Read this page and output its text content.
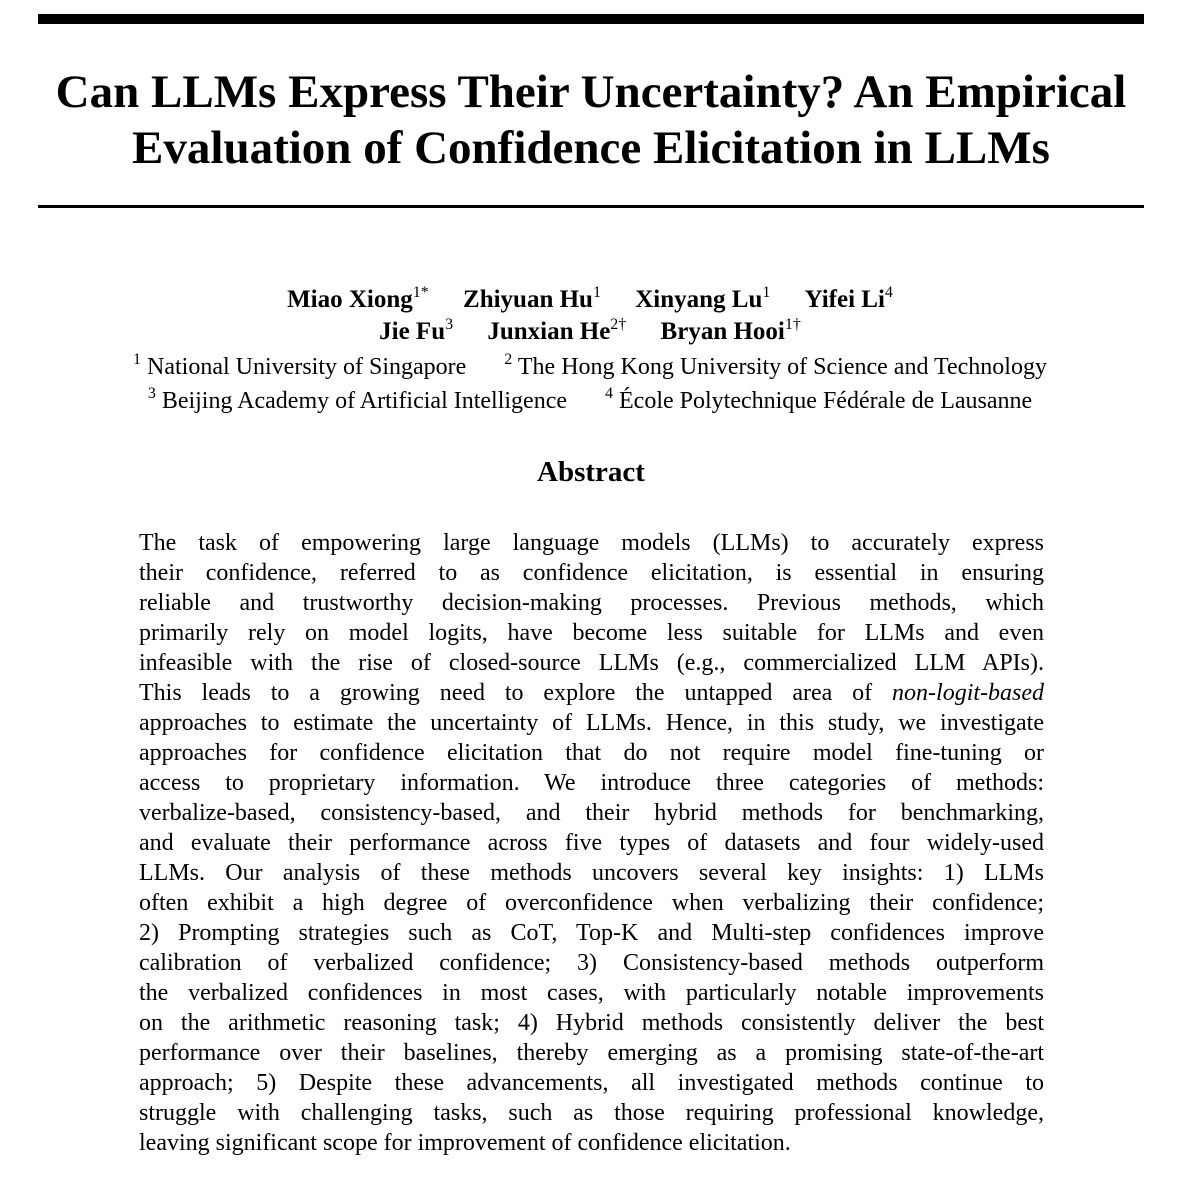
Can LLMs Express Their Uncertainty? An Empirical
Evaluation of Confidence Elicitation in LLMs
Miao Xiong$^{1*}$ Zhiyuan Hu$^1$ Xinyang Lu$^1$ Yifei Li$^4$
Jie Fu$^3$ Junxian $He^{2\dagger}$ Bryan Hooi$^{1\dagger}$
$^1$ National University of Singapore $^2$ The Hong Kong University of Science and Technology
$^3$ Beijing Academy of Artificial Intelligence $^4$ École Polytechnique Fédérale de Lausanne
Abstract
The task of empowering large language models (LLMs) to accurately express
their confidence, referred to as confidence elicitation, is essential in ensuring
reliable and trustworthy decision-making processes. Previous methods, which
primarily rely on model logits, have become less suitable for LLMs and even
infeasible with the rise of closed-source LLMs (e.g., commercialized LLM APIs).
This leads to a growing need to explore the untapped area of non-logit-based
approaches to estimate the uncertainty of LLMs. Hence, in this study, we investigate
approaches for confidence elicitation that do not require model fine-tuning or
access to proprietary information. We introduce three categories of methods:
verbalize-based, consistency-based, and their hybrid methods for benchmarking,
and evaluate their performance across five types of datasets and four widely-used
LLMs. Our analysis of these methods uncovers several key insights: 1) LLMs
often exhibit a high degree of overconfidence when verbalizing their confidence;
2) Prompting strategies such as CoT, Top-K and Multi-step confidences improve
calibration of verbalized confidence; 3) Consistency-based methods outperform
the verbalized confidences in most cases, with particularly notable improvements
on the arithmetic reasoning task; 4) Hybrid methods consistently deliver the best
performance over their baselines, thereby emerging as a promising state-of-the-art
approach; 5) Despite these advancements, all investigated methods continue to
struggle with challenging tasks, such as those requiring professional knowledge,
leaving significant scope for improvement of confidence elicitation.
